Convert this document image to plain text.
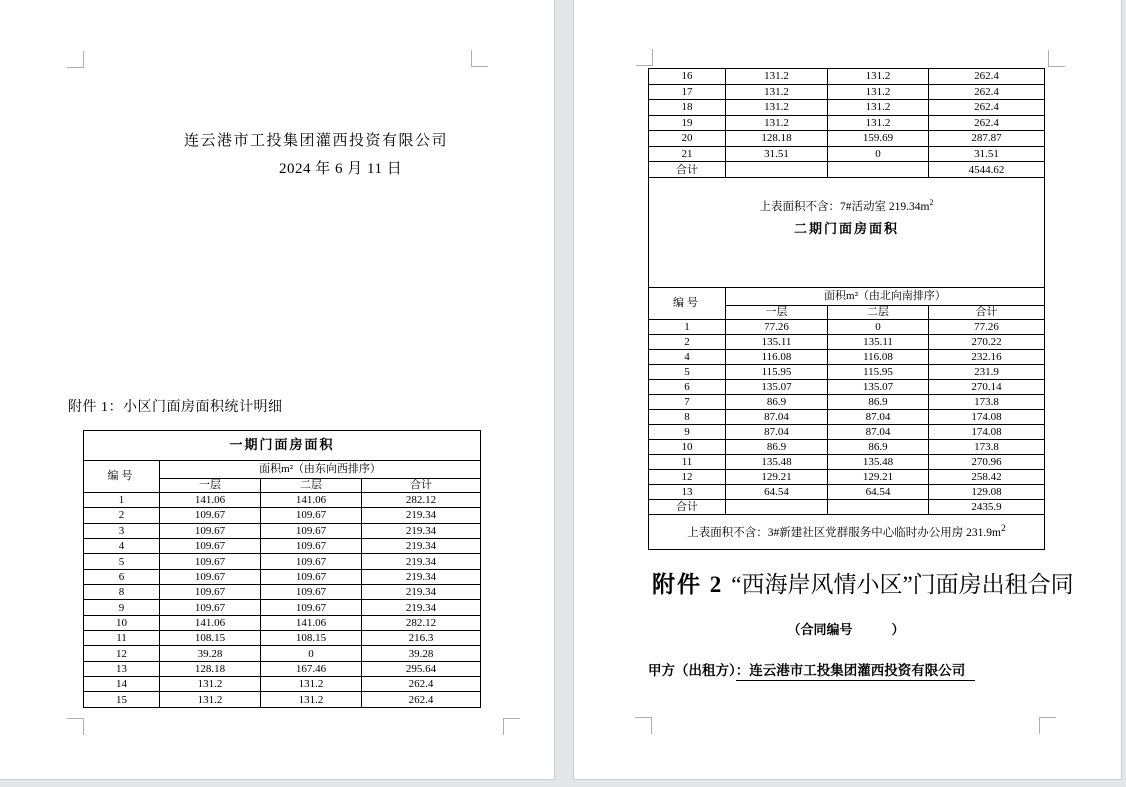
连云港市工投集团灌西投资有限公司
2024 年 6 月 11 日
附件 1：小区门面房面积统计明细
一期门面房面积			
编号	面积m²（由东向西排序）		
	一层	二层	合计
1	141.06	141.06	282.12
2	109.67	109.67	219.34
3	109.67	109.67	219.34
4	109.67	109.67	219.34
5	109.67	109.67	219.34
6	109.67	109.67	219.34
8	109.67	109.67	219.34
9	109.67	109.67	219.34
10	141.06	141.06	282.12
11	108.15	108.15	216.3
12	39.28	0	39.28
13	128.18	167.46	295.64
14	131.2	131.2	262.4
15	131.2	131.2	262.4
16	131.2	131.2	262.4
17	131.2	131.2	262.4
18	131.2	131.2	262.4
19	131.2	131.2	262.4
20	128.18	159.69	287.87
21	31.51	0	31.51
合计			4544.62

上表面积不含：7#活动室 $219.34m^2$
二期门面房面积			

编号	面积m²（由北向南排序）		
	一层	二层	合计
1	77.26	0	77.26
2	135.11	135.11	270.22
4	116.08	116.08	232.16
5	115.95	115.95	231.9
6	135.07	135.07	270.14
7	86.9	86.9	173.8
8	87.04	87.04	174.08
9	87.04	87.04	174.08
10	86.9	86.9	173.8
11	135.48	135.48	270.96
12	129.21	129.21	258.42
13	64.54	64.54	129.08
合计			2435.9
上表面积不含：3#新建社区党群服务中心临时办公用房 $231.9m^2$
附件 2 “西海岸风情小区”门面房出租合同
（合同编号　　　）
甲方（出租方）：连云港市工投集团灌西投资有限公司
